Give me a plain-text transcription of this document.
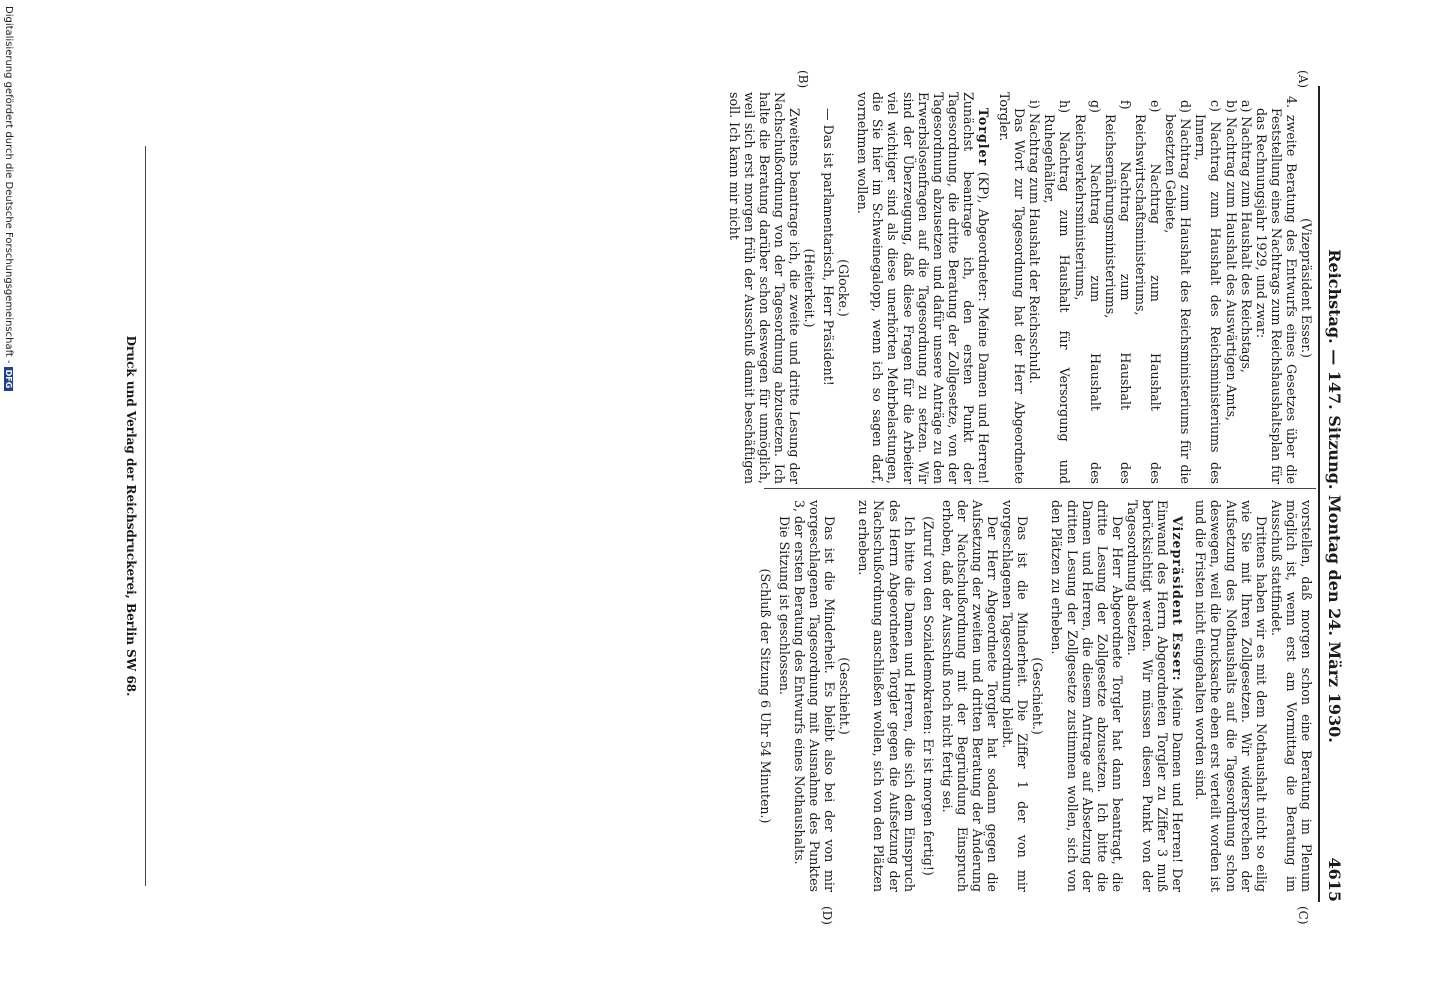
Reichstag. — 147. Sitzung. Montag den 24. März 1930.
4615
(A)
(B)
(C)
(D)

(Vizepräsident Esser.)

4. zweite Beratung des Entwurfs eines Gesetzes über die Feststellung eines Nachtrags zum Reichshaushaltsplan für das Rechnungsjahr 1929, und zwar:

a) Nachtrag zum Haushalt des Reichstags,

b) Nachtrag zum Haushalt des Auswärtigen Amts,

c) Nachtrag zum Haushalt des Reichsministeriums des Innern,

d) Nachtrag zum Haushalt des Reichsministeriums für die besetzten Gebiete,

e) Nachtrag zum Haushalt des Reichswirtschaftsministeriums,

f) Nachtrag zum Haushalt des Reichsernährungsministeriums,

g) Nachtrag zum Haushalt des Reichsverkehrsministeriums,

h) Nachtrag zum Haushalt für Versorgung und Ruhegehälter,

i) Nachtrag zum Haushalt der Reichsschuld.

Das Wort zur Tagesordnung hat der Herr Abgeordnete Torgler.

Torgler (KP), Abgeordneter: Meine Damen und Herren! Zunächst beantrage ich, den ersten Punkt der Tagesordnung, die dritte Beratung der Zollgesetze, von der Tagesordnung abzusetzen und dafür unsere Anträge zu den Erwerbslosenfragen auf die Tagesordnung zu setzen. Wir sind der Überzeugung, daß diese Fragen für die Arbeiter viel wichtiger sind als diese unerhörten Mehrbelastungen, die Sie hier im Schweinegalopp, wenn ich so sagen darf, vornehmen wollen.

(Glocke.)

— Das ist parlamentarisch, Herr Präsident!

(Heiterkeit.)

Zweitens beantrage ich, die zweite und dritte Lesung der Nachschußordnung von der Tagesordnung abzusetzen. Ich halte die Beratung darüber schon deswegen für unmöglich, weil sich erst morgen früh der Ausschuß damit beschäftigen soll. Ich kann mir nicht

vorstellen, daß morgen schon eine Beratung im Plenum möglich ist, wenn erst am Vormittag die Beratung im Ausschuß stattfindet.

Drittens haben wir es mit dem Nothaushalt nicht so eilig wie Sie mit Ihren Zollgesetzen. Wir widersprechen der Aufsetzung des Nothaushalts auf die Tagesordnung schon deswegen, weil die Drucksache eben erst verteilt worden ist und die Fristen nicht eingehalten worden sind.

Vizepräsident Esser: Meine Damen und Herren! Der Einwand des Herrn Abgeordneten Torgler zu Ziffer 3 muß berücksichtigt werden. Wir müssen diesen Punkt von der Tagesordnung absetzen.

Der Herr Abgeordnete Torgler hat dann beantragt, die dritte Lesung der Zollgesetze abzusetzen. Ich bitte die Damen und Herren, die diesem Antrage auf Absetzung der dritten Lesung der Zollgesetze zustimmen wollen, sich von den Plätzen zu erheben.

(Geschieht.)

Das ist die Minderheit. Die Ziffer 1 der von mir vorgeschlagenen Tagesordnung bleibt.

Der Herr Abgeordnete Torgler hat sodann gegen die Aufsetzung der zweiten und dritten Beratung der Änderung der Nachschußordnung mit der Begründung Einspruch erhoben, daß der Ausschuß noch nicht fertig sei.

(Zuruf von den Sozialdemokraten: Er ist morgen fertig!)

Ich bitte die Damen und Herren, die sich dem Einspruch des Herrn Abgeordneten Torgler gegen die Aufsetzung der Nachschußordnung anschließen wollen, sich von den Plätzen zu erheben.

(Geschieht.)

Das ist die Minderheit. Es bleibt also bei der von mir vorgeschlagenen Tagesordnung mit Ausnahme des Punktes 3, der ersten Beratung des Entwurfs eines Nothaushalts.

Die Sitzung ist geschlossen.

(Schluß der Sitzung 6 Uhr 54 Minuten.)

Druck und Verlag der Reichsdruckerei, Berlin SW 68.
Digitalisierung gefördert durch die Deutsche Forschungsgemeinschaft -DFG
